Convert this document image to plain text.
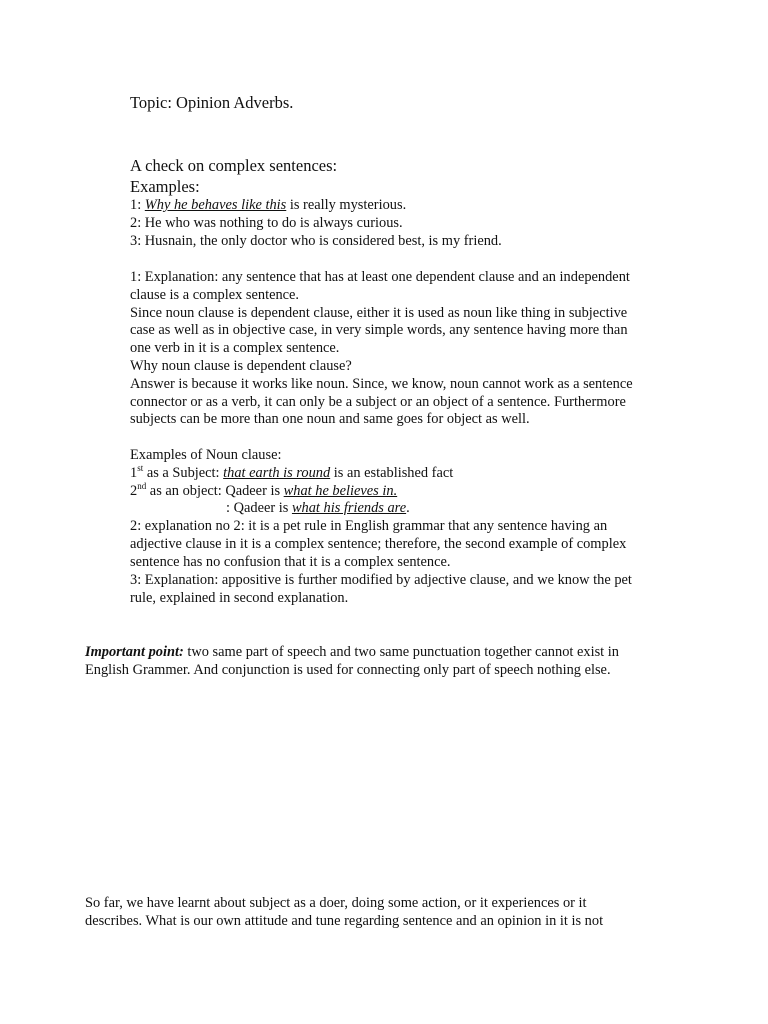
Topic: Opinion Adverbs.
A check on complex sentences:
Examples:
1: Why he behaves like this is really mysterious.
2: He who was nothing to do is always curious.
3: Husnain, the only doctor who is considered best, is my friend.
1: Explanation: any sentence that has at least one dependent clause and an independent
clause is a complex sentence.
Since noun clause is dependent clause, either it is used as noun like thing in subjective
case as well as in objective case, in very simple words, any sentence having more than
one verb in it is a complex sentence.
Why noun clause is dependent clause?
Answer is because it works like noun. Since, we know, noun cannot work as a sentence
connector or as a verb, it can only be a subject or an object of a sentence. Furthermore
subjects can be more than one noun and same goes for object as well.
Examples of Noun clause:
1st as a Subject: that earth is round is an established fact
2nd as an object: Qadeer is what he believes in.
: Qadeer is what his friends are.
2: explanation no 2: it is a pet rule in English grammar that any sentence having an
adjective clause in it is a complex sentence; therefore, the second example of complex
sentence has no confusion that it is a complex sentence.
3: Explanation: appositive is further modified by adjective clause, and we know the pet
rule, explained in second explanation.
Important point: two same part of speech and two same punctuation together cannot exist in
English Grammer. And conjunction is used for connecting only part of speech nothing else.
So far, we have learnt about subject as a doer, doing some action, or it experiences or it
describes. What is our own attitude and tune regarding sentence and an opinion in it is not
